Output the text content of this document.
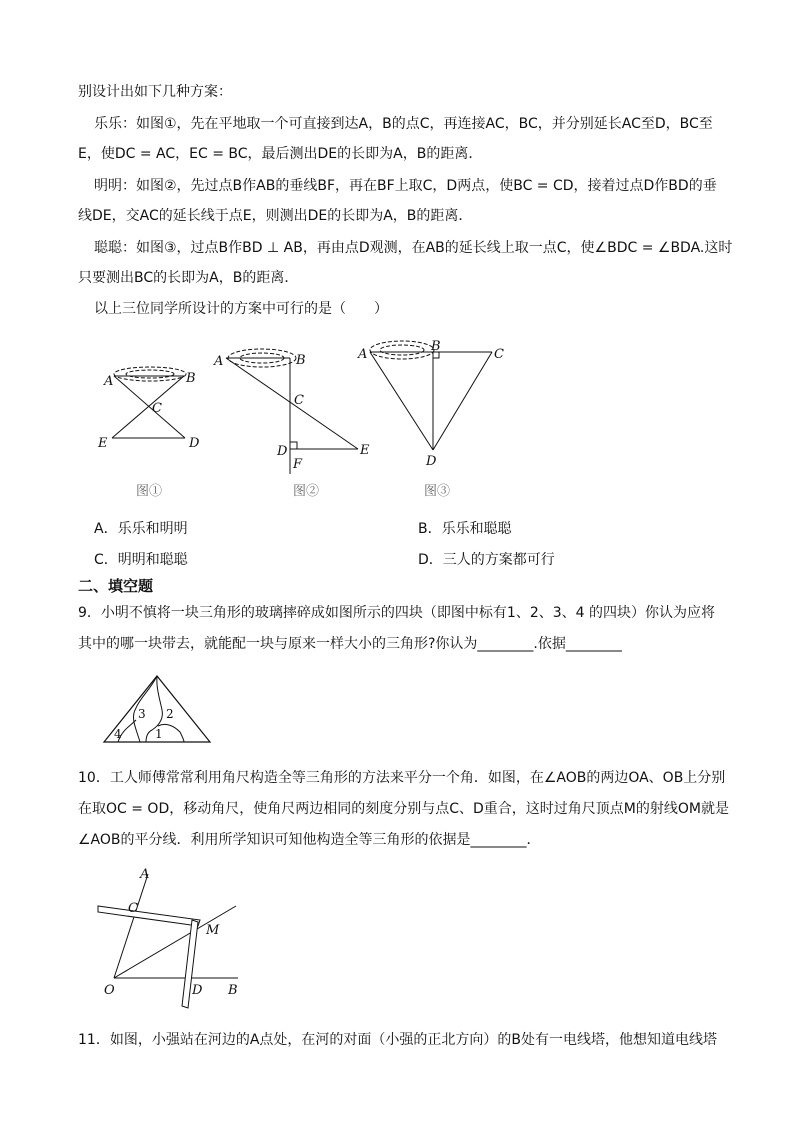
别设计出如下几种方案：
乐乐：如图①，先在平地取一个可直接到达A，B的点C，再连接AC，BC，并分别延长AC至D，BC至
E，使DC = AC，EC = BC，最后测出DE的长即为A，B的距离．
明明：如图②，先过点B作AB的垂线BF，再在BF上取C，D两点，使BC = CD，接着过点D作BD的垂
线DE，交AC的延长线于点E，则测出DE的长即为A，B的距离．
聪聪：如图③，过点B作BD ⊥ AB，再由点D观测，在AB的延长线上取一点C，使∠BDC = ∠BDA.这时
只要测出BC的长即为A，B的距离．
以上三位同学所设计的方案中可行的是（　　）
A	B
C
E	D
图①
A	B
C
D	E
F
图②
A
B
C
D
图③
A．乐乐和明明	B．乐乐和聪聪
C．明明和聪聪	D．三人的方案都可行
二、填空题
9．小明不慎将一块三角形的玻璃摔碎成如图所示的四块（即图中标有1、2、3、4 的四块）你认为应将
其中的哪一块带去，就能配一块与原来一样大小的三角形?你认为________.依据________
3 2
4	1
10．工人师傅常常利用角尺构造全等三角形的方法来平分一个角．如图，在∠AOB的两边OA、OB上分别
在取OC = OD，移动角尺，使角尺两边相同的刻度分别与点C、D重合，这时过角尺顶点M的射线OM就是
∠AOB的平分线．利用所学知识可知他构造全等三角形的依据是________．
A
C
M
O	D B
11．如图，小强站在河边的A点处，在河的对面（小强的正北方向）的B处有一电线塔，他想知道电线塔
